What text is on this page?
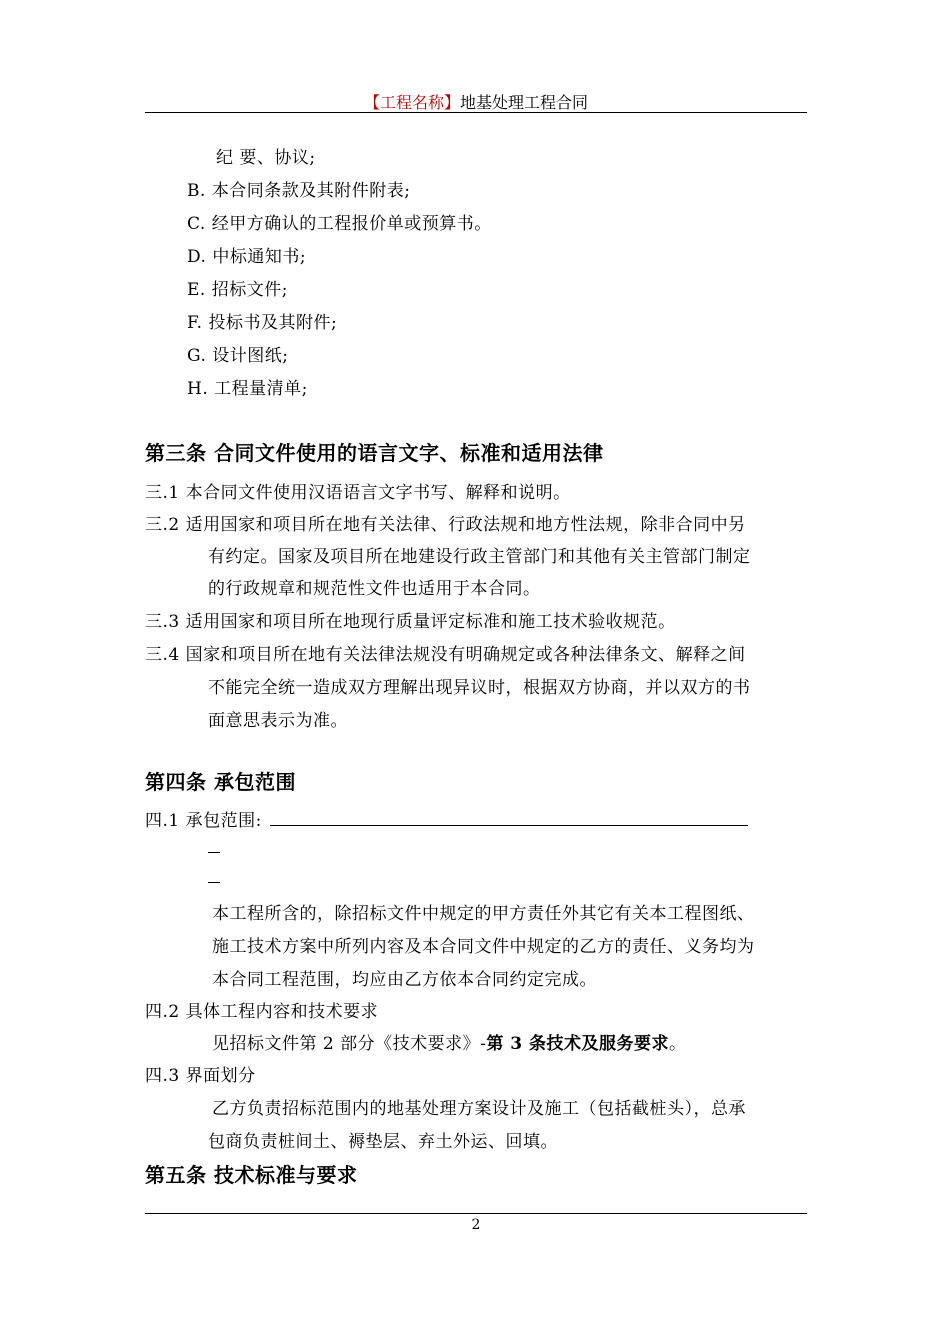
【工程名称】地基处理工程合同
纪 要、协议;
B. 本合同条款及其附件附表;
C. 经甲方确认的工程报价单或预算书。
D. 中标通知书;
E. 招标文件;
F. 投标书及其附件;
G. 设计图纸;
H. 工程量清单;
第三条 合同文件使用的语言文字、标准和适用法律
三.1 本合同文件使用汉语语言文字书写、解释和说明。
三.2 适用国家和项目所在地有关法律、行政法规和地方性法规，除非合同中另
有约定。国家及项目所在地建设行政主管部门和其他有关主管部门制定
的行政规章和规范性文件也适用于本合同。
三.3 适用国家和项目所在地现行质量评定标准和施工技术验收规范。
三.4 国家和项目所在地有关法律法规没有明确规定或各种法律条文、解释之间
不能完全统一造成双方理解出现异议时，根据双方协商，并以双方的书
面意思表示为准。
第四条 承包范围
四.1 承包范围:
本工程所含的，除招标文件中规定的甲方责任外其它有关本工程图纸、
施工技术方案中所列内容及本合同文件中规定的乙方的责任、义务均为
本合同工程范围，均应由乙方依本合同约定完成。
四.2 具体工程内容和技术要求
见招标文件第 2 部分《技术要求》-第 3 条技术及服务要求。
四.3 界面划分
乙方负责招标范围内的地基处理方案设计及施工（包括截桩头），总承
包商负责桩间土、褥垫层、弃土外运、回填。
第五条 技术标准与要求
2
